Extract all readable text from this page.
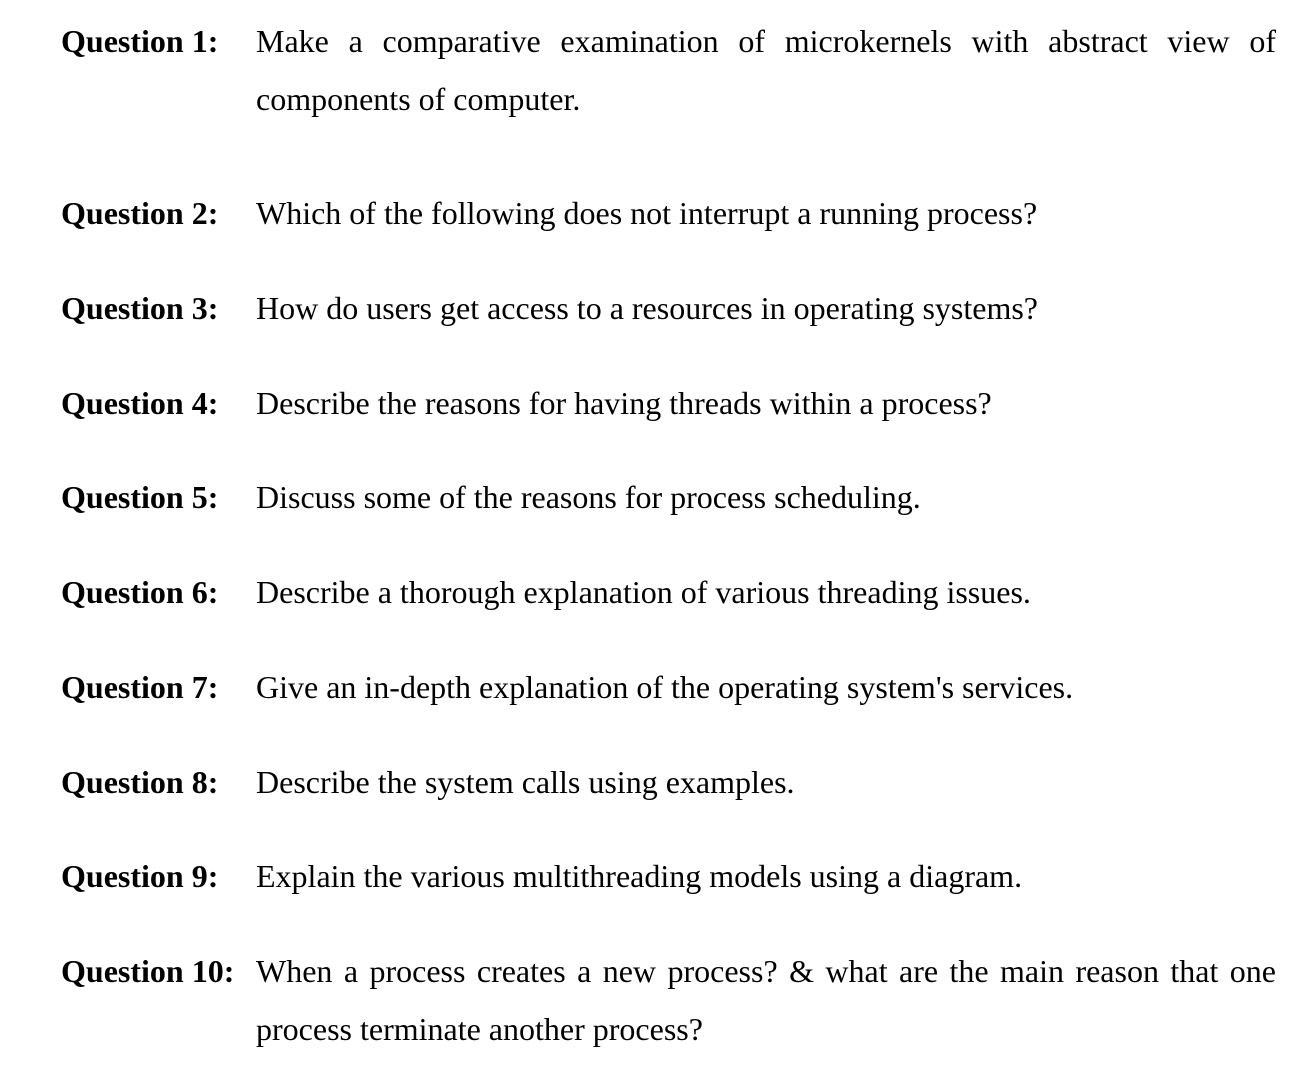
Question 1: Make a comparative examination of microkernels with abstract view of components of computer.
Question 2: Which of the following does not interrupt a running process?
Question 3: How do users get access to a resources in operating systems?
Question 4: Describe the reasons for having threads within a process?
Question 5: Discuss some of the reasons for process scheduling.
Question 6: Describe a thorough explanation of various threading issues.
Question 7: Give an in-depth explanation of the operating system's services.
Question 8: Describe the system calls using examples.
Question 9: Explain the various multithreading models using a diagram.
Question 10: When a process creates a new process? & what are the main reason that one process terminate another process?
